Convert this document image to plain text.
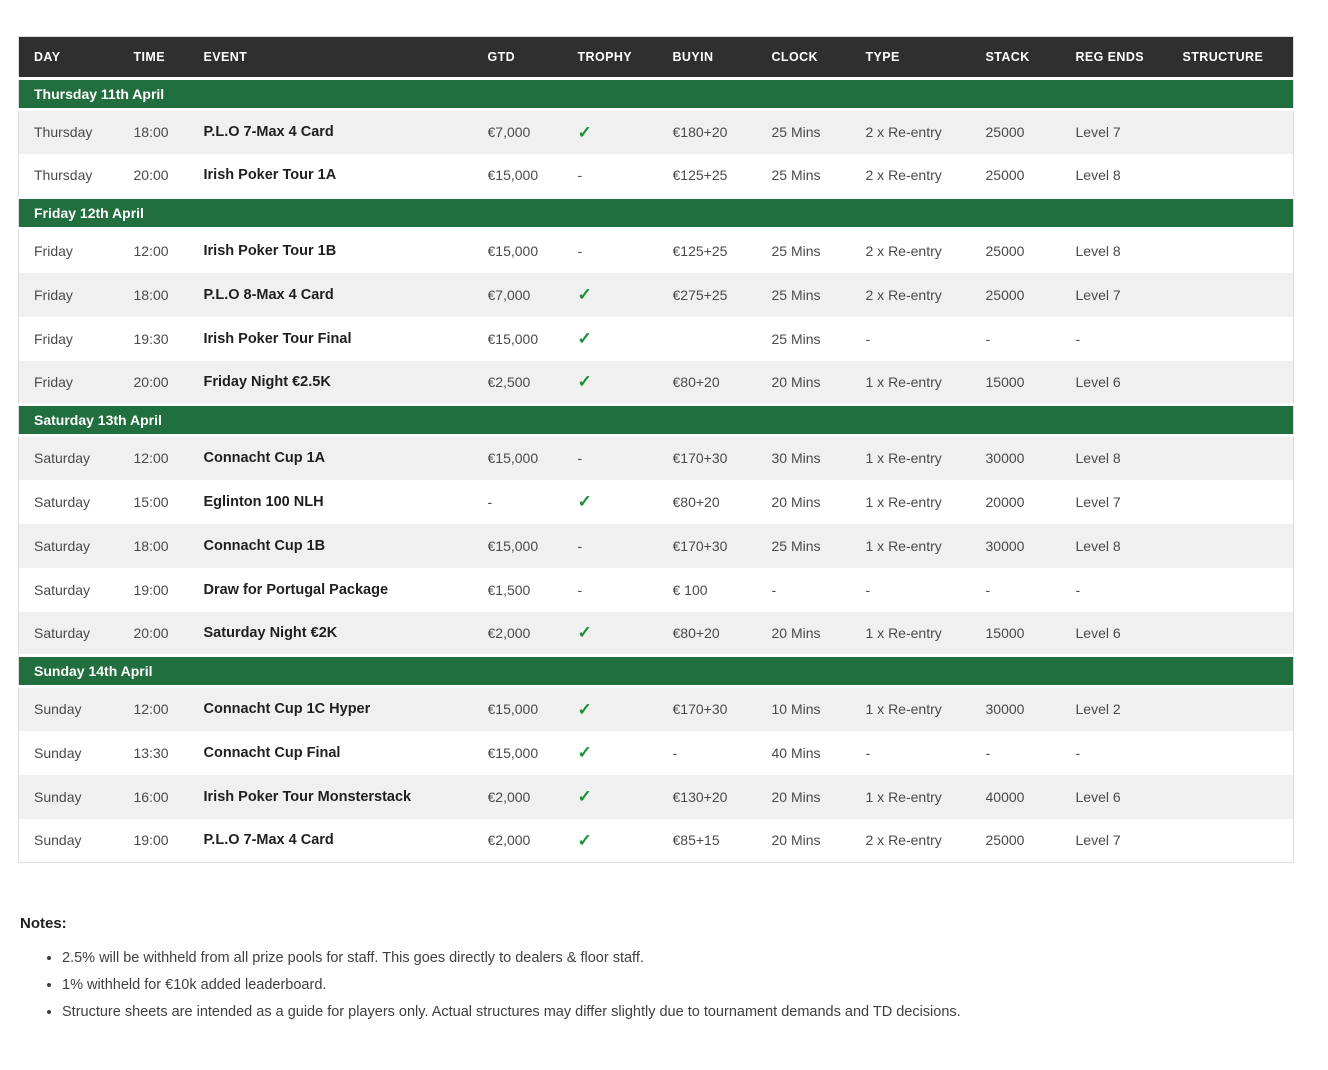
DAY	TIME	EVENT	GTD	TROPHY	BUYIN	CLOCK	TYPE	STACK	REG ENDS	STRUCTURE
Thursday 11th April										
Thursday	18:00	P.L.O 7-Max 4 Card	€7,000	✓	€180+20	25 Mins	2 x Re-entry	25000	Level 7	
Thursday	20:00	Irish Poker Tour 1A	€15,000	-	€125+25	25 Mins	2 x Re-entry	25000	Level 8	
Friday 12th April										
Friday	12:00	Irish Poker Tour 1B	€15,000	-	€125+25	25 Mins	2 x Re-entry	25000	Level 8	
Friday	18:00	P.L.O 8-Max 4 Card	€7,000	✓	€275+25	25 Mins	2 x Re-entry	25000	Level 7	
Friday	19:30	Irish Poker Tour Final	€15,000	✓		25 Mins	-	-	-	
Friday	20:00	Friday Night €2.5K	€2,500	✓	€80+20	20 Mins	1 x Re-entry	15000	Level 6	
Saturday 13th April										
Saturday	12:00	Connacht Cup 1A	€15,000	-	€170+30	30 Mins	1 x Re-entry	30000	Level 8	
Saturday	15:00	Eglinton 100 NLH	-	✓	€80+20	20 Mins	1 x Re-entry	20000	Level 7	
Saturday	18:00	Connacht Cup 1B	€15,000	-	€170+30	25 Mins	1 x Re-entry	30000	Level 8	
Saturday	19:00	Draw for Portugal Package	€1,500	-	€ 100	-	-	-	-	
Saturday	20:00	Saturday Night €2K	€2,000	✓	€80+20	20 Mins	1 x Re-entry	15000	Level 6	
Sunday 14th April										
Sunday	12:00	Connacht Cup 1C Hyper	€15,000	✓	€170+30	10 Mins	1 x Re-entry	30000	Level 2	
Sunday	13:30	Connacht Cup Final	€15,000	✓	-	40 Mins	-	-	-	
Sunday	16:00	Irish Poker Tour Monsterstack	€2,000	✓	€130+20	20 Mins	1 x Re-entry	40000	Level 6	
Sunday	19:00	P.L.O 7-Max 4 Card	€2,000	✓	€85+15	20 Mins	2 x Re-entry	25000	Level 7	
Notes:
• 2.5% will be withheld from all prize pools for staff. This goes directly to dealers & floor staff.
• 1% withheld for €10k added leaderboard.
• Structure sheets are intended as a guide for players only. Actual structures may differ slightly due to tournament demands and TD decisions.
